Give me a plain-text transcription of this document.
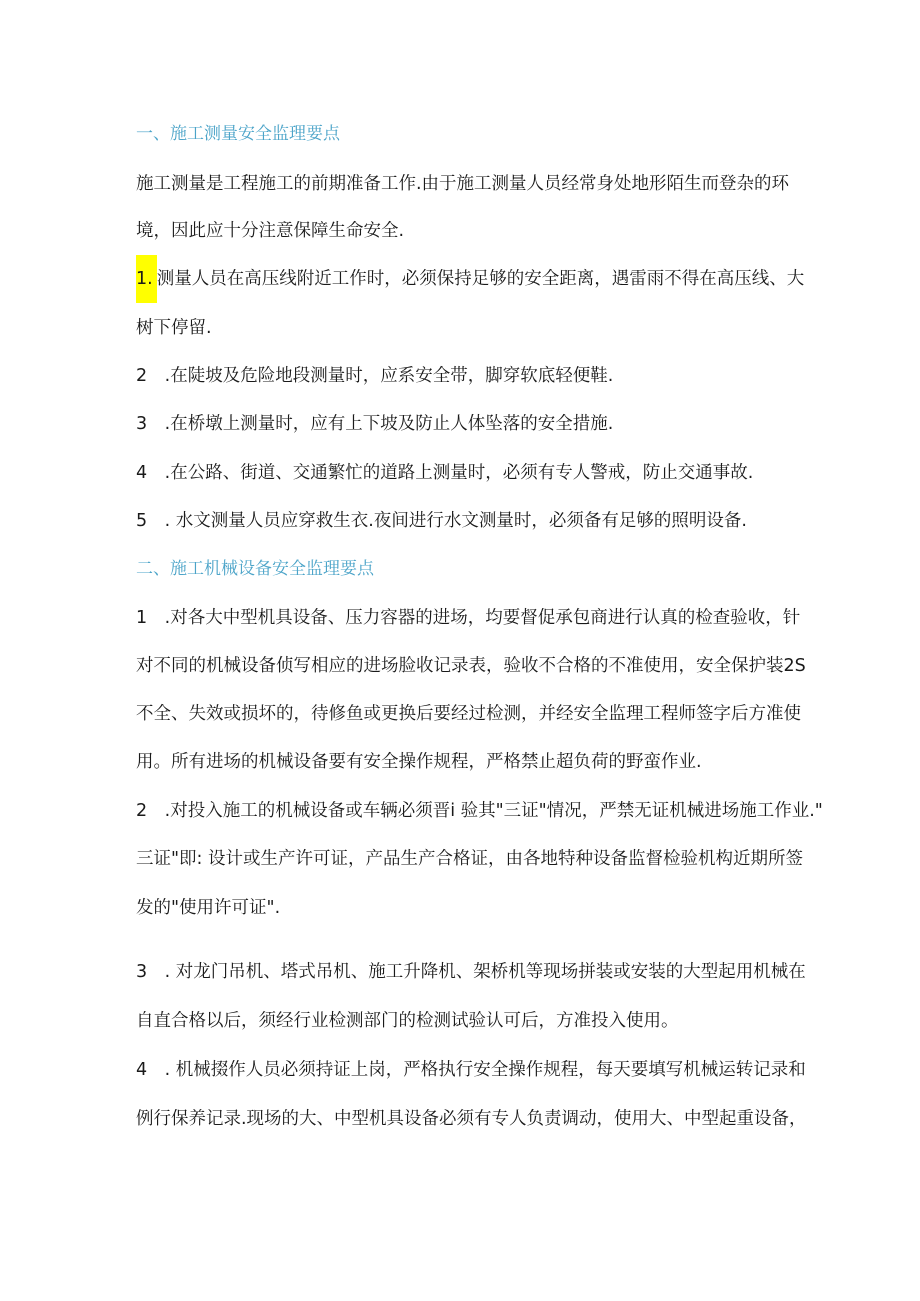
一、施工测量安全监理要点
施工测量是工程施工的前期准备工作.由于施工测量人员经常身处地形陌生而登杂的环
境，因此应十分注意保障生命安全.
1. 测量人员在高压线附近工作时，必须保持足够的安全距离，遇雷雨不得在高压线、大
树下停留.
2　.在陡坡及危险地段测量时，应系安全带，脚穿软底轻便鞋.
3　.在桥墩上测量时，应有上下坡及防止人体坠落的安全措施.
4　.在公路、街道、交通繁忙的道路上测量时，必须有专人警戒，防止交通事故.
5　. 水文测量人员应穿救生衣.夜间进行水文测量时，必须备有足够的照明设备.
二、施工机械设备安全监理要点
1　.对各大中型机具设备、压力容器的进场，均要督促承包商进行认真的检查验收，针
对不同的机械设备侦写相应的进场脸收记录表，验收不合格的不准使用，安全保护装2S
不全、失效或损坏的，待修鱼或更换后要经过检测，并经安全监理工程师签字后方准使
用。所有进场的机械设备要有安全操作规程，严格禁止超负荷的野蛮作业.
2　.对投入施工的机械设备或车辆必须晋i 验其"三证"情况，严禁无证机械进场施工作业."
三证"即: 设计或生产许可证，产品生产合格证，由各地特种设备监督检验机构近期所签
发的"使用许可证".
3　. 对龙门吊机、塔式吊机、施工升降机、架桥机等现场拼装或安装的大型起用机械在
自直合格以后，须经行业检测部门的检测试验认可后，方准投入使用。
4　. 机械掇作人员必须持证上岗，严格执行安全操作规程，每天要填写机械运转记录和
例行保养记录.现场的大、中型机具设备必须有专人负责调动，使用大、中型起重设备，
